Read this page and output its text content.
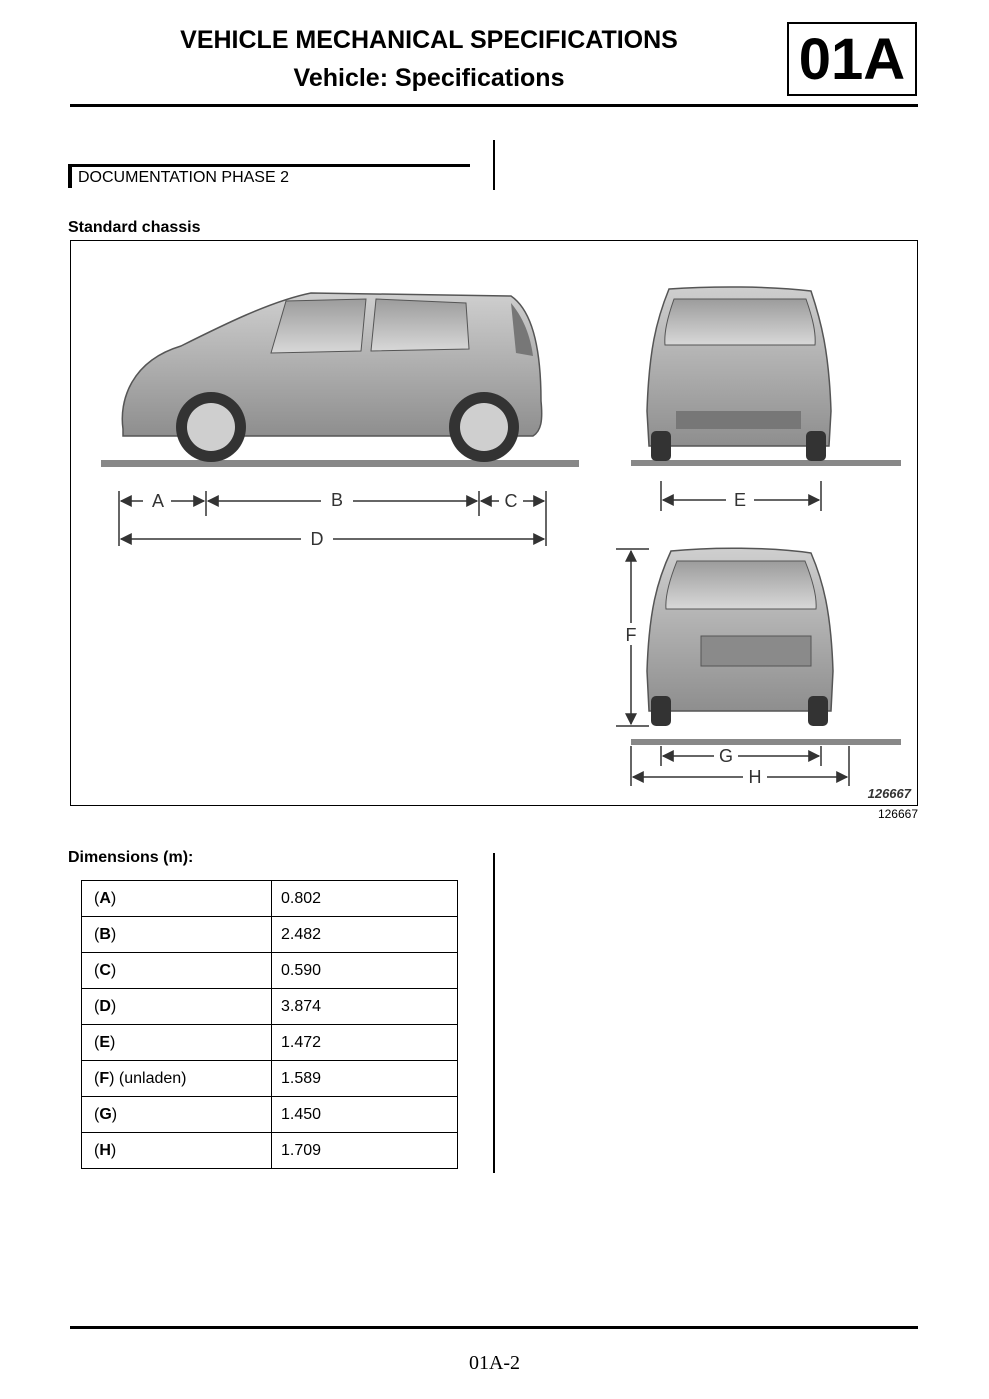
VEHICLE MECHANICAL SPECIFICATIONS
Vehicle: Specifications	01A
DOCUMENTATION PHASE 2
Standard chassis
A	B	C
D
E
F
G
H
126667
126667
Dimensions (m):
(A)	0.802
(B)	2.482
(C)	0.590
(D)	3.874
(E)	1.472
(F) (unladen)	1.589
(G)	1.450
(H)	1.709
01A-2
